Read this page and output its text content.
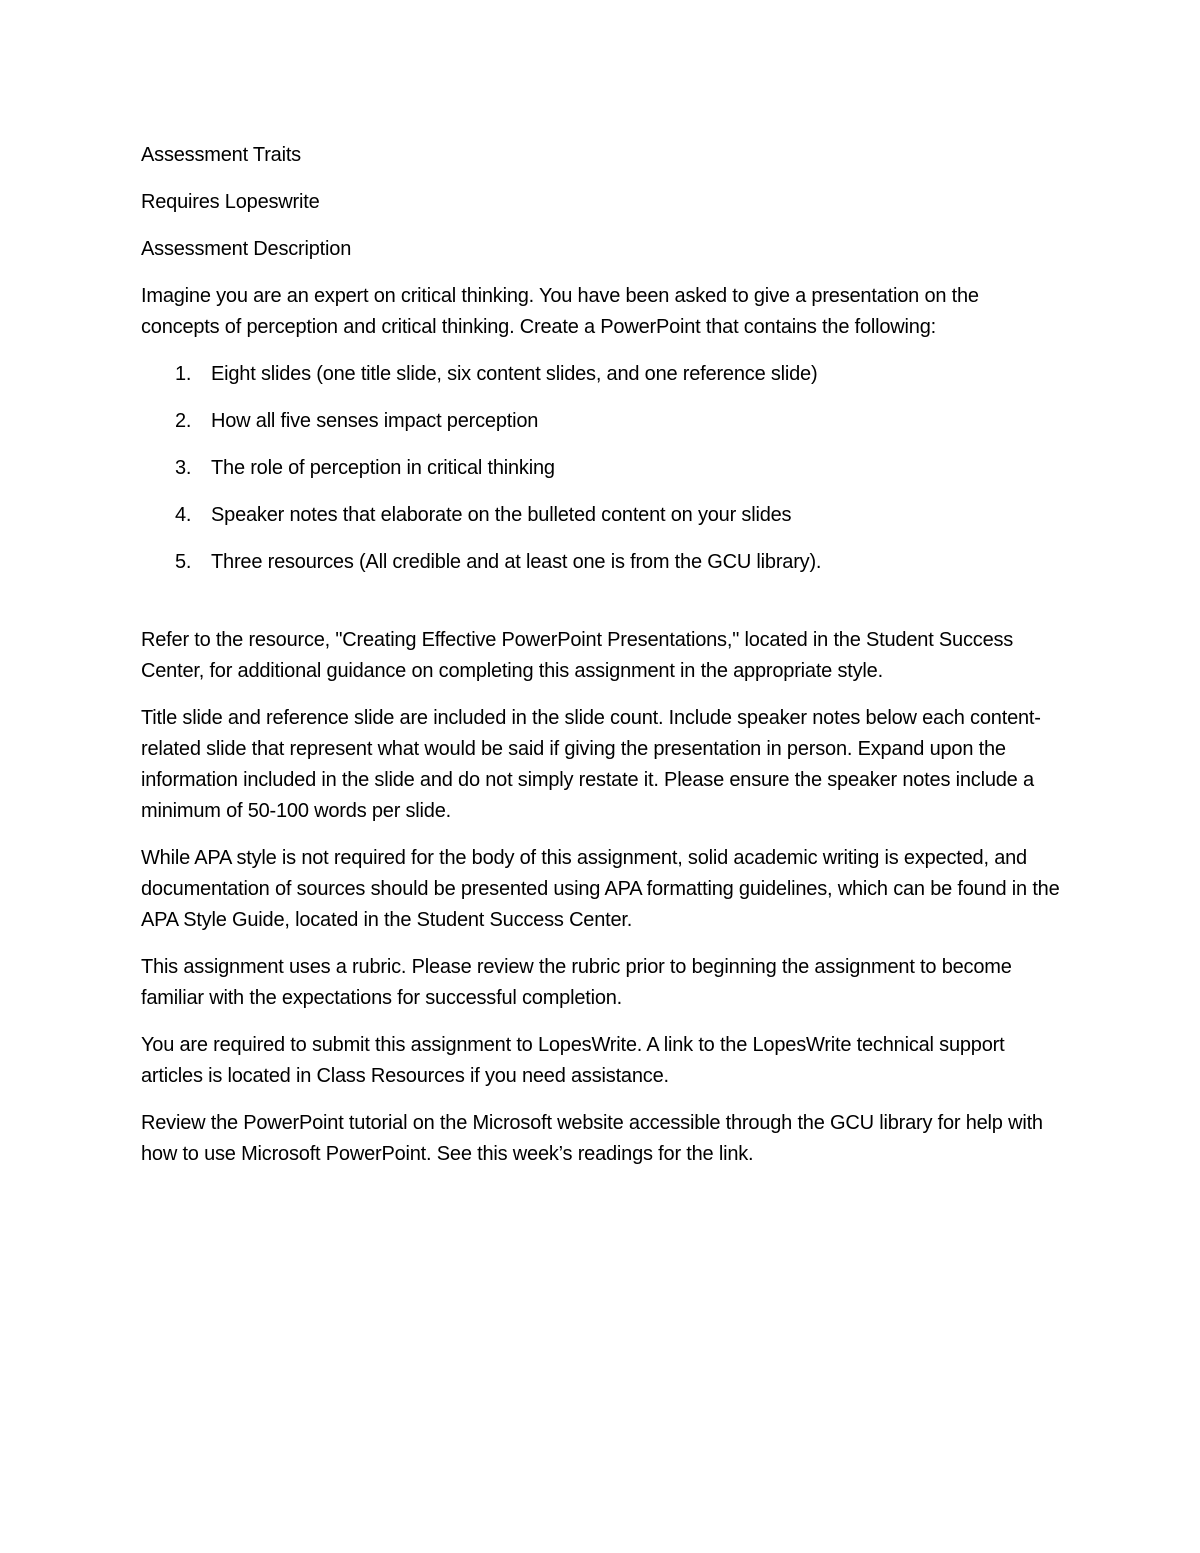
Assessment Traits
Requires Lopeswrite
Assessment Description

Imagine you are an expert on critical thinking. You have been asked to give a presentation on the concepts of perception and critical thinking. Create a PowerPoint that contains the following:

1. Eight slides (one title slide, six content slides, and one reference slide)
2. How all five senses impact perception
3. The role of perception in critical thinking
4. Speaker notes that elaborate on the bulleted content on your slides
5. Three resources (All credible and at least one is from the GCU library).

Refer to the resource, "Creating Effective PowerPoint Presentations," located in the Student Success Center, for additional guidance on completing this assignment in the appropriate style.

Title slide and reference slide are included in the slide count. Include speaker notes below each content-related slide that represent what would be said if giving the presentation in person. Expand upon the information included in the slide and do not simply restate it. Please ensure the speaker notes include a minimum of 50-100 words per slide.

While APA style is not required for the body of this assignment, solid academic writing is expected, and documentation of sources should be presented using APA formatting guidelines, which can be found in the APA Style Guide, located in the Student Success Center.

This assignment uses a rubric. Please review the rubric prior to beginning the assignment to become familiar with the expectations for successful completion.

You are required to submit this assignment to LopesWrite. A link to the LopesWrite technical support articles is located in Class Resources if you need assistance.

Review the PowerPoint tutorial on the Microsoft website accessible through the GCU library for help with how to use Microsoft PowerPoint. See this week’s readings for the link.
